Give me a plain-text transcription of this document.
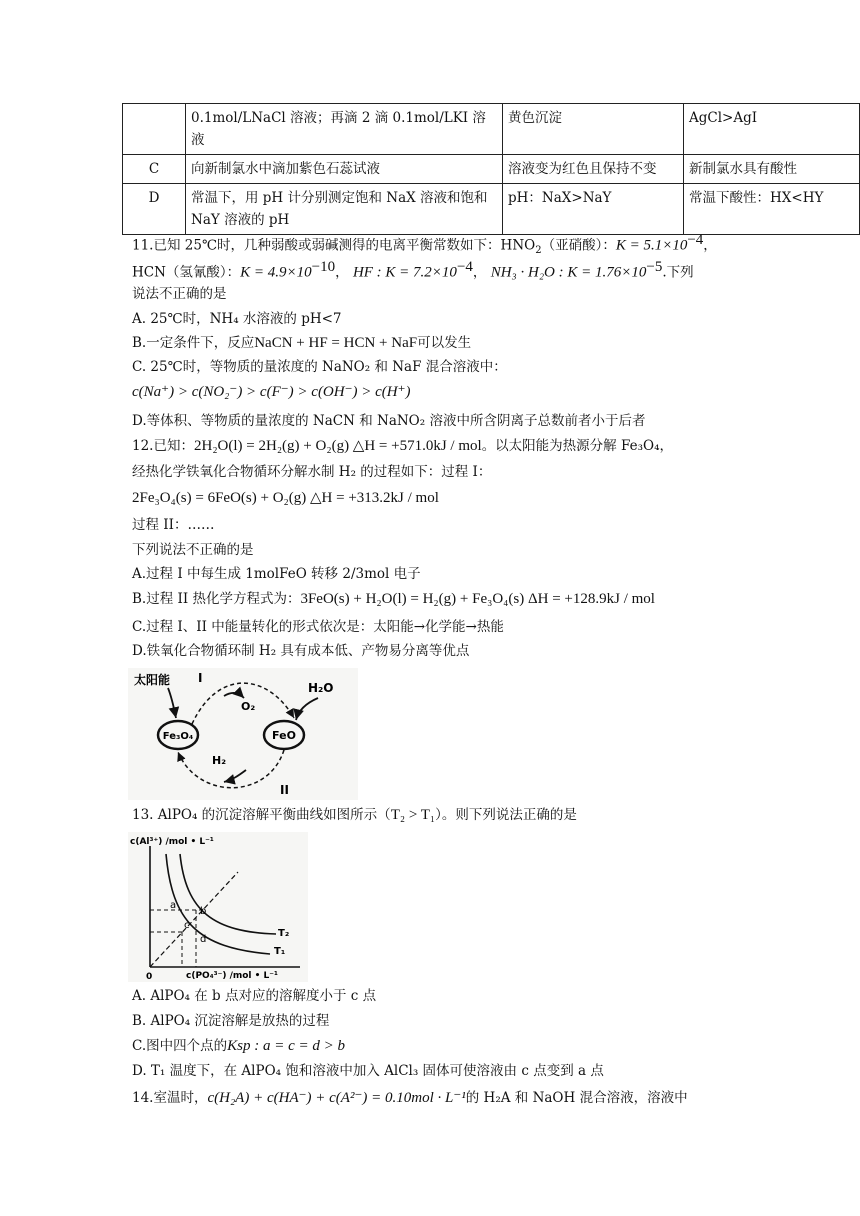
	0.1mol/LNaCl 溶液；再滴 2 滴 0.1mol/LKI 溶液	黄色沉淀	AgCl>AgI
C	向新制氯水中滴加紫色石蕊试液	溶液变为红色且保持不变	新制氯水具有酸性
D	常温下，用 pH 计分别测定饱和 NaX 溶液和饱和 NaY 溶液的 pH	pH：NaX>NaY	常温下酸性：HX<HY
11.已知 25℃时，几种弱酸或弱碱测得的电离平衡常数如下：$HNO_2$（亚硝酸）：$K = 5.1\times 10^{-4}$，
HCN（氢氰酸）：$K = 4.9\times 10^{-10}$， HF : $K = 7.2\times 10^{-4}$， NH₃ · H₂O : $K = 1.76\times 10^{-5}$.下列
说法不正确的是
A. 25℃时，NH₄ 水溶液的 pH<7
B.一定条件下，反应NaCN + HF = HCN + NaF可以发生
C. 25℃时，等物质的量浓度的 NaNO₂ 和 NaF 混合溶液中：
c(Na⁺) > c(NO₂⁻) > c(F⁻) > c(OH⁻) > c(H⁺)
D.等体积、等物质的量浓度的 NaCN 和 NaNO₂ 溶液中所含阴离子总数前者小于后者
12.已知：2H₂O(l) = 2H₂(g) + O₂(g) △H = +571.0kJ / mol。以太阳能为热源分解 Fe₃O₄，
经热化学铁氧化合物循环分解水制 H₂ 的过程如下：过程 I：
2Fe₃O₄(s) = 6FeO(s) + O₂(g) △H = +313.2kJ / mol
过程 II：……
下列说法不正确的是
A.过程 I 中每生成 1molFeO 转移 2/3mol 电子
B.过程 II 热化学方程式为：3FeO(s) + H₂O(l) = H₂(g) + Fe₃O₄(s) ΔH = +128.9kJ / mol
C.过程 I、II 中能量转化的形式依次是：太阳能→化学能→热能
D.铁氧化合物循环制 H₂ 具有成本低、产物易分离等优点
太阳能 I
O₂
H₂O
Fe₃O₄	FeO
H₂
II
13. AlPO₄ 的沉淀溶解平衡曲线如图所示（T₂ > T₁）。则下列说法正确的是
c(Al³⁺) /mol • L⁻¹
0	c(PO₄³⁻) /mol • L⁻¹
a
b
c
d
T₂
T₁
A. AlPO₄ 在 b 点对应的溶解度小于 c 点
B. AlPO₄ 沉淀溶解是放热的过程
C.图中四个点的Ksp : a = c = d > b
D. T₁ 温度下，在 AlPO₄ 饱和溶液中加入 AlCl₃ 固体可使溶液由 c 点变到 a 点
14.室温时，c(H₂A) + c(HA⁻) + c(A²⁻) = 0.10mol · L⁻¹的 H₂A 和 NaOH 混合溶液，溶液中
